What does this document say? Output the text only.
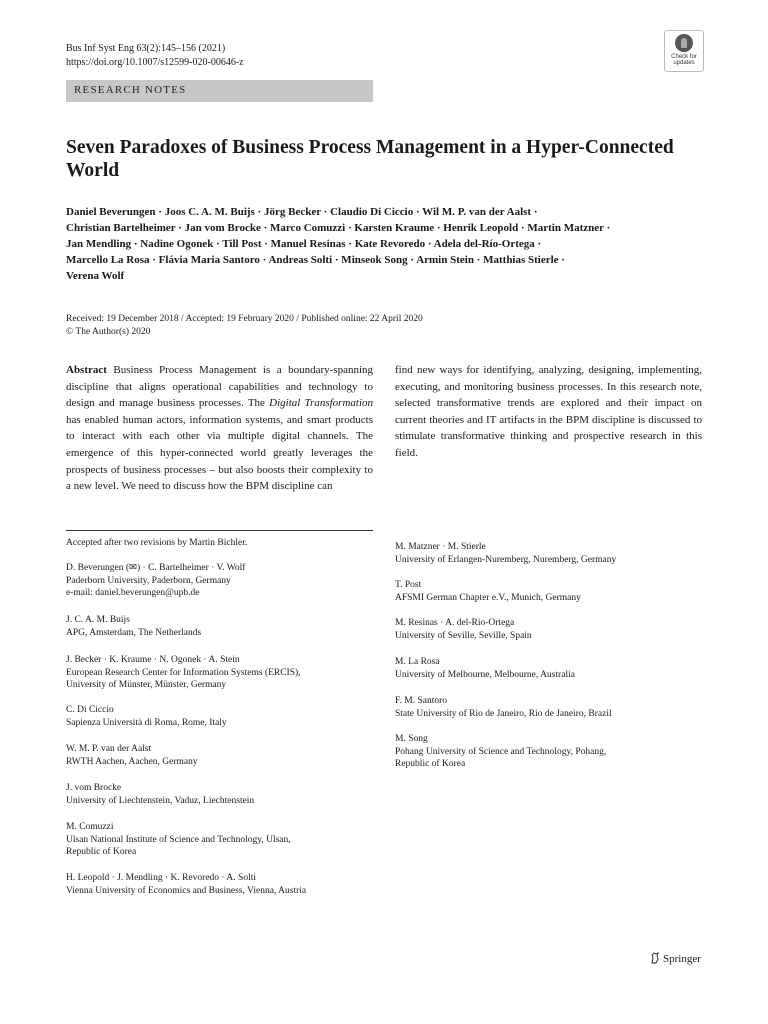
Bus Inf Syst Eng 63(2):145–156 (2021)
https://doi.org/10.1007/s12599-020-00646-z	Check for
updates
RESEARCH NOTES
Seven Paradoxes of Business Process Management in a Hyper-Connected World
Daniel Beverungen · Joos C. A. M. Buijs · Jörg Becker · Claudio Di Ciccio · Wil M. P. van der Aalst ·
Christian Bartelheimer · Jan vom Brocke · Marco Comuzzi · Karsten Kraume · Henrik Leopold · Martin Matzner ·
Jan Mendling · Nadine Ogonek · Till Post · Manuel Resinas · Kate Revoredo · Adela del-Río-Ortega ·
Marcello La Rosa · Flávia Maria Santoro · Andreas Solti · Minseok Song · Armin Stein · Matthias Stierle ·
Verena Wolf
Received: 19 December 2018 / Accepted: 19 February 2020 / Published online: 22 April 2020
© The Author(s) 2020
Abstract Business Process Management is a boundary-spanning discipline that aligns operational capabilities and technology to design and manage business processes. The Digital Transformation has enabled human actors, information systems, and smart products to interact with each other via multiple digital channels. The emergence of this hyper-connected world greatly leverages the prospects of business processes – but also boosts their complexity to a new level. We need to discuss how the BPM discipline can
find new ways for identifying, analyzing, designing, implementing, executing, and monitoring business processes. In this research note, selected transformative trends are explored and their impact on current theories and IT artifacts in the BPM discipline is discussed to stimulate transformative thinking and prospective research in this field.
Accepted after two revisions by Martin Bichler.
D. Beverungen (✉) · C. Bartelheimer · V. Wolf
Paderborn University, Paderborn, Germany
e-mail: daniel.beverungen@upb.de
J. C. A. M. Buijs
APG, Amsterdam, The Netherlands
J. Becker · K. Kraume · N. Ogonek · A. Stein
European Research Center for Information Systems (ERCIS),
University of Münster, Münster, Germany
C. Di Ciccio
Sapienza Università di Roma, Rome, Italy
W. M. P. van der Aalst
RWTH Aachen, Aachen, Germany
J. vom Brocke
University of Liechtenstein, Vaduz, Liechtenstein
M. Comuzzi
Ulsan National Institute of Science and Technology, Ulsan,
Republic of Korea
H. Leopold · J. Mendling · K. Revoredo · A. Solti
Vienna University of Economics and Business, Vienna, Austria
M. Matzner · M. Stierle
University of Erlangen-Nuremberg, Nuremberg, Germany
T. Post
AFSMI German Chapter e.V., Munich, Germany
M. Resinas · A. del-Río-Ortega
University of Seville, Seville, Spain
M. La Rosa
University of Melbourne, Melbourne, Australia
F. M. Santoro
State University of Rio de Janeiro, Rio de Janeiro, Brazil
M. Song
Pohang University of Science and Technology, Pohang,
Republic of Korea
Springer
